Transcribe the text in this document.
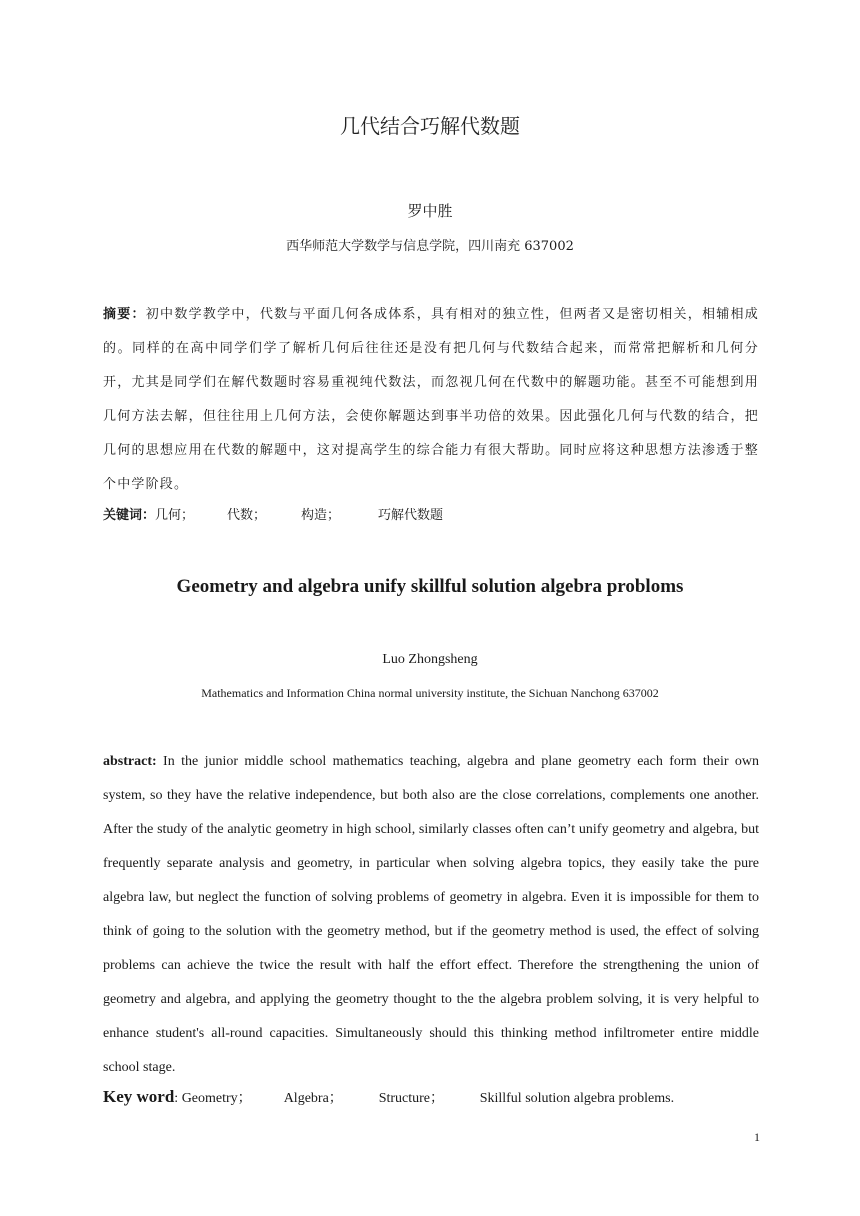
几代结合巧解代数题
罗中胜
西华师范大学数学与信息学院，四川南充 637002
摘要：初中数学教学中，代数与平面几何各成体系，具有相对的独立性，但两者又是密切相关，相辅相成的。同样的在高中同学们学了解析几何后往往还是没有把几何与代数结合起来，而常常把解析和几何分开，尤其是同学们在解代数题时容易重视纯代数法，而忽视几何在代数中的解题功能。甚至不可能想到用几何方法去解，但往往用上几何方法，会使你解题达到事半功倍的效果。因此强化几何与代数的结合，把几何的思想应用在代数的解题中，这对提高学生的综合能力有很大帮助。同时应将这种思想方法渗透于整个中学阶段。
关键词：几何；	代数；	构造；	巧解代数题
Geometry and algebra unify skillful solution algebra probloms
Luo Zhongsheng
Mathematics and Information China normal university institute, the Sichuan Nanchong 637002
abstract: In the junior middle school mathematics teaching, algebra and plane geometry each form their own system, so they have the relative independence, but both also are the close correlations, complements one another. After the study of the analytic geometry in high school, similarly classes often can’t unify geometry and algebra, but frequently separate analysis and geometry, in particular when solving algebra topics, they easily take the pure algebra law, but neglect the function of solving problems of geometry in algebra. Even it is impossible for them to think of going to the solution with the geometry method, but if the geometry method is used, the effect of solving problems can achieve the twice the result with half the effort effect. Therefore the strengthening the union of geometry and algebra, and applying the geometry thought to the the algebra problem solving, it is very helpful to enhance student's all-round capacities. Simultaneously should this thinking method infiltrometer entire middle school stage.
Key word: Geometry； Algebra；	Structure；	Skillful solution algebra problems.
1
